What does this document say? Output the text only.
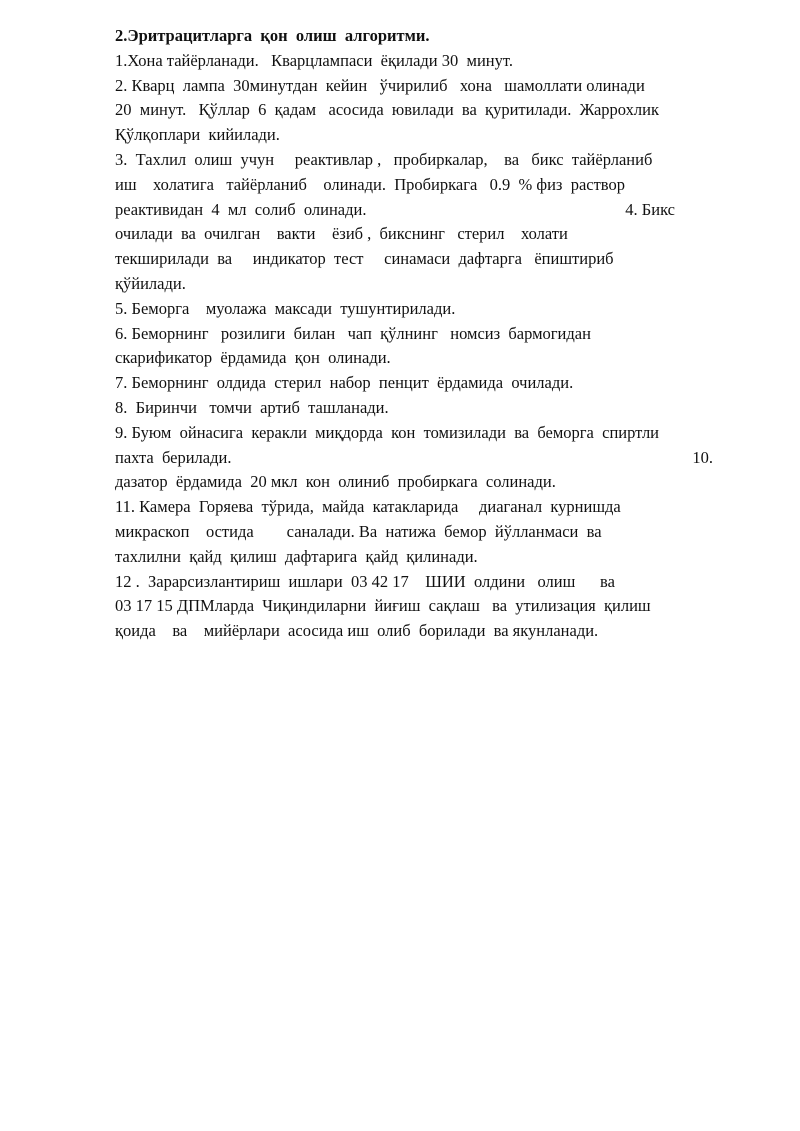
2.Эритрацитларга  қон  олиш  алгоритми.
1.Хона тайёрланади.   Кварцлампаси  ёқилади 30  минут.
2. Кварц  лампа  30минутдан  кейин   ўчирилиб   хона   шамоллати олинади
20  минут.   Қўллар  6  қадам   асосида  ювилади  ва  қуритилади.  Жаррохлик
Қўлқоплари  кийилади.
3.  Тахлил  олиш  учун     реактивлар ,   пробиркалар,    ва   бикс  тайёрланиб
иш    холатига   тайёрланиб    олинади.  Пробиркага   0.9  % физ  раствор
реактивидан  4  мл  солиб  олинади.	4. Бикс
очилади  ва  очилган    вакти    ёзиб ,  бикснинг   стерил    холати
текширилади  ва     индикатор  тест     синамаси  дафтарга   ёпиштириб
қўйилади.
5. Беморга    муолажа  максади  тушунтирилади.
6. Беморнинг   розилиги  билан   чап  қўлнинг   номсиз  бармогидан
скарификатор  ёрдамида  қон  олинади.
7. Беморнинг  олдида  стерил  набор  пенцит  ёрдамида  очилади.
8.  Биринчи   томчи  артиб  ташланади.
9. Буюм  ойнасига  керакли  миқдорда  кон  томизилади  ва  беморга  спиртли
пахта  берилади.	10.
дазатор  ёрдамида  20 мкл  кон  олиниб  пробиркага  солинади.
11. Камера  Горяева  тўрида,  майда  катакларида     диаганал  курнишда
микраскоп    остида        саналади. Ва  натижа  бемор  йўлланмаси  ва
тахлилни  қайд  қилиш  дафтарига  қайд  қилинади.
12 .  Зарарсизлантириш  ишлари  03 42 17    ШИИ  олдини   олиш      ва
03 17 15 ДПМларда  Чиқиндиларни  йиғиш  сақлаш   ва  утилизация  қилиш
қоида    ва    мийёрлари  асосида иш  олиб  борилади  ва якунланади.
